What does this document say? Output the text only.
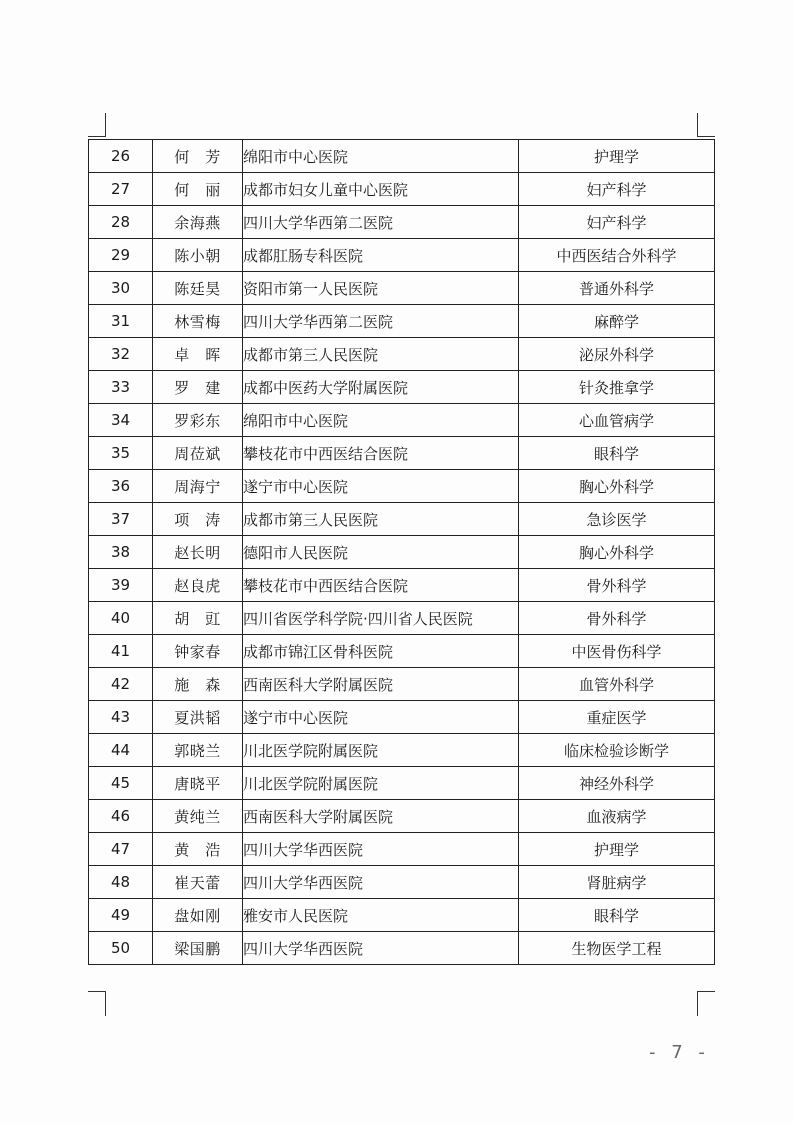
26	何　芳	绵阳市中心医院	护理学
27	何　丽	成都市妇女儿童中心医院	妇产科学
28	余海燕	四川大学华西第二医院	妇产科学
29	陈小朝	成都肛肠专科医院	中西医结合外科学
30	陈廷昊	资阳市第一人民医院	普通外科学
31	林雪梅	四川大学华西第二医院	麻醉学
32	卓　晖	成都市第三人民医院	泌尿外科学
33	罗　建	成都中医药大学附属医院	针灸推拿学
34	罗彩东	绵阳市中心医院	心血管病学
35	周莅斌	攀枝花市中西医结合医院	眼科学
36	周海宁	遂宁市中心医院	胸心外科学
37	项　涛	成都市第三人民医院	急诊医学
38	赵长明	德阳市人民医院	胸心外科学
39	赵良虎	攀枝花市中西医结合医院	骨外科学
40	胡　豇	四川省医学科学院·四川省人民医院	骨外科学
41	钟家春	成都市锦江区骨科医院	中医骨伤科学
42	施　森	西南医科大学附属医院	血管外科学
43	夏洪韬	遂宁市中心医院	重症医学
44	郭晓兰	川北医学院附属医院	临床检验诊断学
45	唐晓平	川北医学院附属医院	神经外科学
46	黄纯兰	西南医科大学附属医院	血液病学
47	黄　浩	四川大学华西医院	护理学
48	崔天蕾	四川大学华西医院	肾脏病学
49	盘如刚	雅安市人民医院	眼科学
50	梁国鹏	四川大学华西医院	生物医学工程
- 7 -
